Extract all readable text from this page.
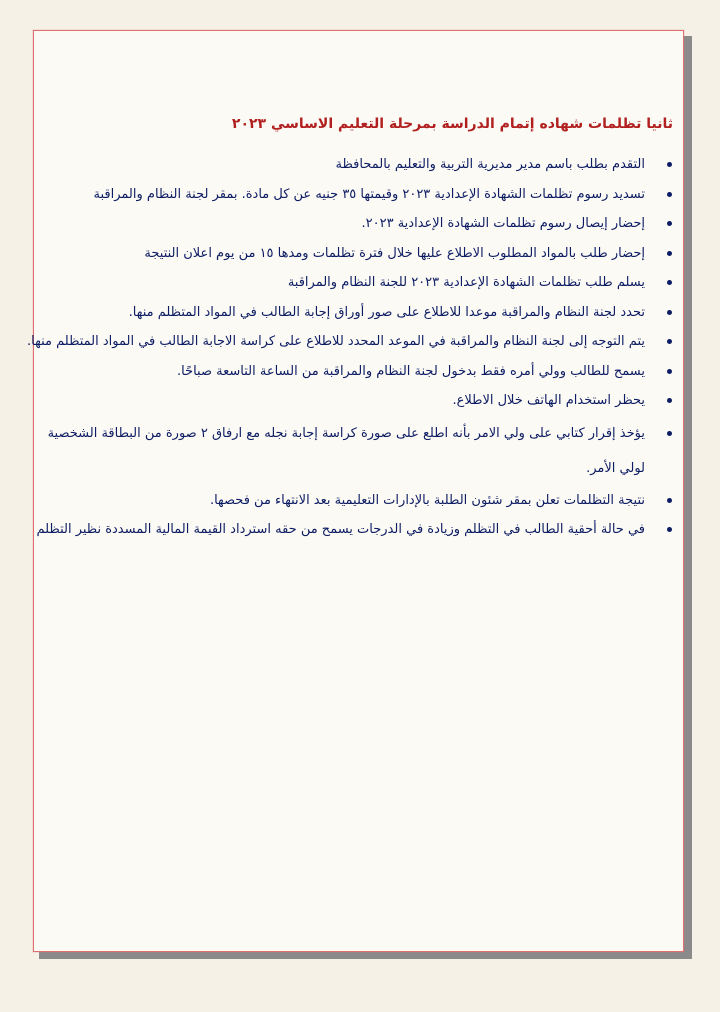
ثانيا تظلمات شهاده إتمام الدراسة بمرحلة التعليم الاساسي ٢٠٢٣
التقدم بطلب باسم مدير مديرية التربية والتعليم بالمحافظة
تسديد رسوم تظلمات الشهادة الإعدادية ٢٠٢٣ وقيمتها ٣٥ جنيه عن كل مادة. بمقر لجنة النظام والمراقبة
إحضار إيصال رسوم تظلمات الشهادة الإعدادية ٢٠٢٣.
إحضار طلب بالمواد المطلوب الاطلاع عليها خلال فترة تظلمات ومدها ١٥ من يوم اعلان النتيجة
يسلم طلب تظلمات الشهادة الإعدادية ٢٠٢٣ للجنة النظام والمراقبة
تحدد لجنة النظام والمراقبة موعدا للاطلاع على صور أوراق إجابة الطالب في المواد المتظلم منها.
يتم التوجه إلى لجنة النظام والمراقبة في الموعد المحدد للاطلاع على كراسة الاجابة الطالب في المواد المتظلم منها.
يسمح للطالب وولي أمره فقط بدخول لجنة النظام والمراقبة من الساعة التاسعة صباحًا.
يحظر استخدام الهاتف خلال الاطلاع.
يؤخذ إقرار كتابي على ولي الامر بأنه اطلع على صورة كراسة إجابة نجله مع ارفاق ٢ صورة من البطاقة الشخصية لولي الأمر.
نتيجة التظلمات تعلن بمقر شئون الطلبة بالإدارات التعليمية بعد الانتهاء من فحصها.
في حالة أحقية الطالب في التظلم وزيادة في الدرجات يسمح من حقه استرداد القيمة المالية المسددة نظير التظلم
